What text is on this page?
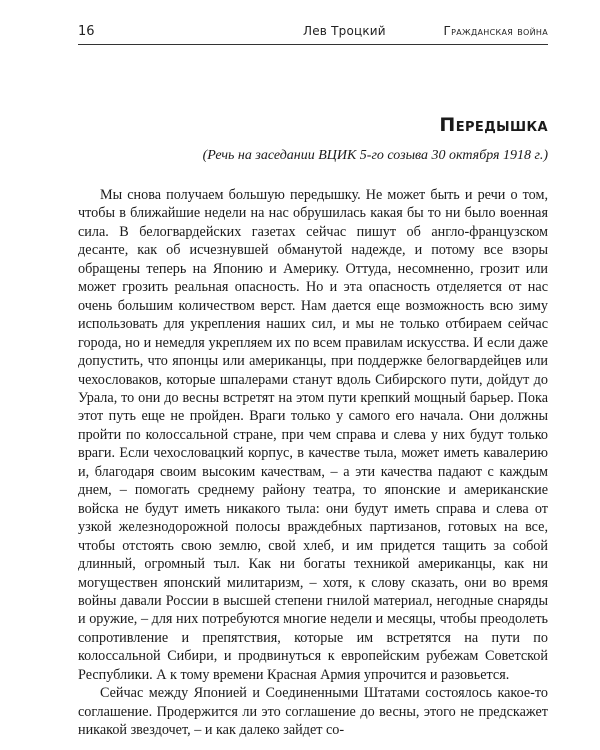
16	Лев Троцкий	Гражданская война
Передышка

(Речь на заседании ВЦИК 5-го созыва 30 октября 1918 г.)

Мы снова получаем большую передышку. Не может быть и речи о том, чтобы в ближайшие недели на нас обрушилась какая бы то ни было военная сила. В белогвардейских газетах сейчас пишут об англо-французском десанте, как об исчезнувшей обманутой надежде, и потому все взоры обращены теперь на Японию и Америку. Оттуда, несомненно, грозит или может грозить реальная опасность. Но и эта опасность отделяется от нас очень большим количеством верст. Нам дается еще возможность всю зиму использовать для укрепления наших сил, и мы не только отбираем сейчас города, но и немедля укрепляем их по всем правилам искусства. И если даже допустить, что японцы или американцы, при поддержке белогвардейцев или чехословаков, которые шпалерами станут вдоль Сибирского пути, дойдут до Урала, то они до весны встретят на этом пути крепкий мощный барьер. Пока этот путь еще не пройден. Враги только у самого его начала. Они должны пройти по колоссальной стране, при чем справа и слева у них будут только враги. Если чехословацкий корпус, в качестве тыла, может иметь кавалерию и, благодаря своим высоким качествам, – а эти качества падают с каждым днем, – помогать среднему району театра, то японские и американские войска не будут иметь никакого тыла: они будут иметь справа и слева от узкой железнодорожной полосы враждебных партизанов, готовых на все, чтобы отстоять свою землю, свой хлеб, и им придется тащить за собой длинный, огромный тыл. Как ни богаты техникой американцы, как ни могуществен японский милитаризм, – хотя, к слову сказать, они во время войны давали России в высшей степени гнилой материал, негодные снаряды и оружие, – для них потребуются многие недели и месяцы, чтобы преодолеть сопротивление и препятствия, которые им встретятся на пути по колоссальной Сибири, и продвинуться к европейским рубежам Советской Республики. А к тому времени Красная Армия упрочится и разовьется.

Сейчас между Японией и Соединенными Штатами состоялось какое-то соглашение. Продержится ли это соглашение до весны, этого не предскажет никакой звездочет, – и как далеко зайдет со-
